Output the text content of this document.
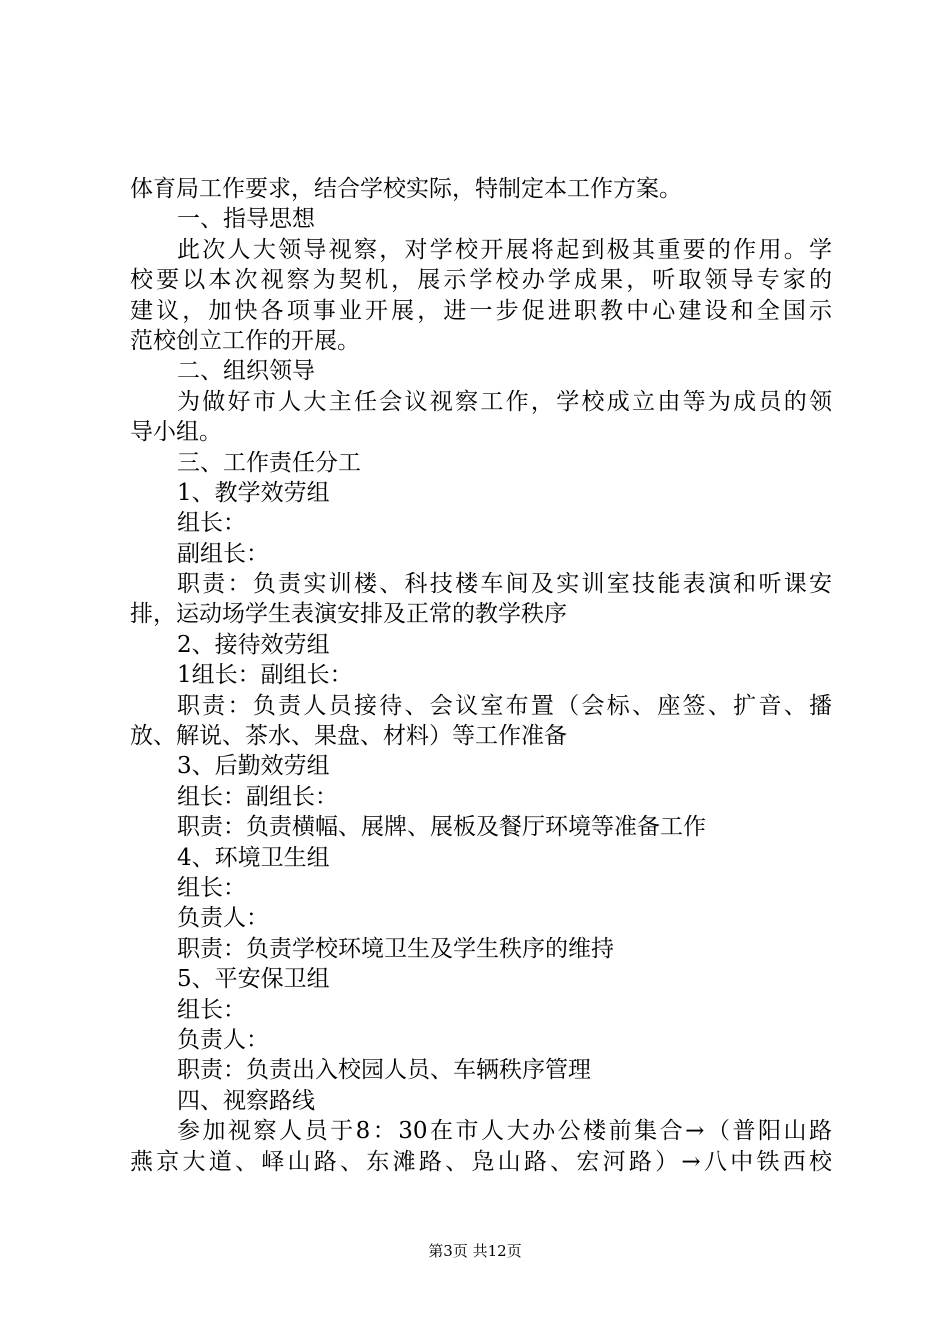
体育局工作要求，结合学校实际，特制定本工作方案。
一、指导思想
此次人大领导视察，对学校开展将起到极其重要的作用。学
校要以本次视察为契机，展示学校办学成果，听取领导专家的
建议，加快各项事业开展，进一步促进职教中心建设和全国示
范校创立工作的开展。
二、组织领导
为做好市人大主任会议视察工作，学校成立由等为成员的领
导小组。
三、工作责任分工
1、教学效劳组
组长：
副组长：
职责：负责实训楼、科技楼车间及实训室技能表演和听课安
排，运动场学生表演安排及正常的教学秩序
2、接待效劳组
1组长：副组长：
职责：负责人员接待、会议室布置（会标、座签、扩音、播
放、解说、茶水、果盘、材料）等工作准备
3、后勤效劳组
组长：副组长：
职责：负责横幅、展牌、展板及餐厅环境等准备工作
4、环境卫生组
组长：
负责人：
职责：负责学校环境卫生及学生秩序的维持
5、平安保卫组
组长：
负责人：
职责：负责出入校园人员、车辆秩序管理
四、视察路线
参加视察人员于8：30在市人大办公楼前集合→（普阳山路
燕京大道、峄山路、东滩路、凫山路、宏河路）→八中铁西校
第3页 共12页
